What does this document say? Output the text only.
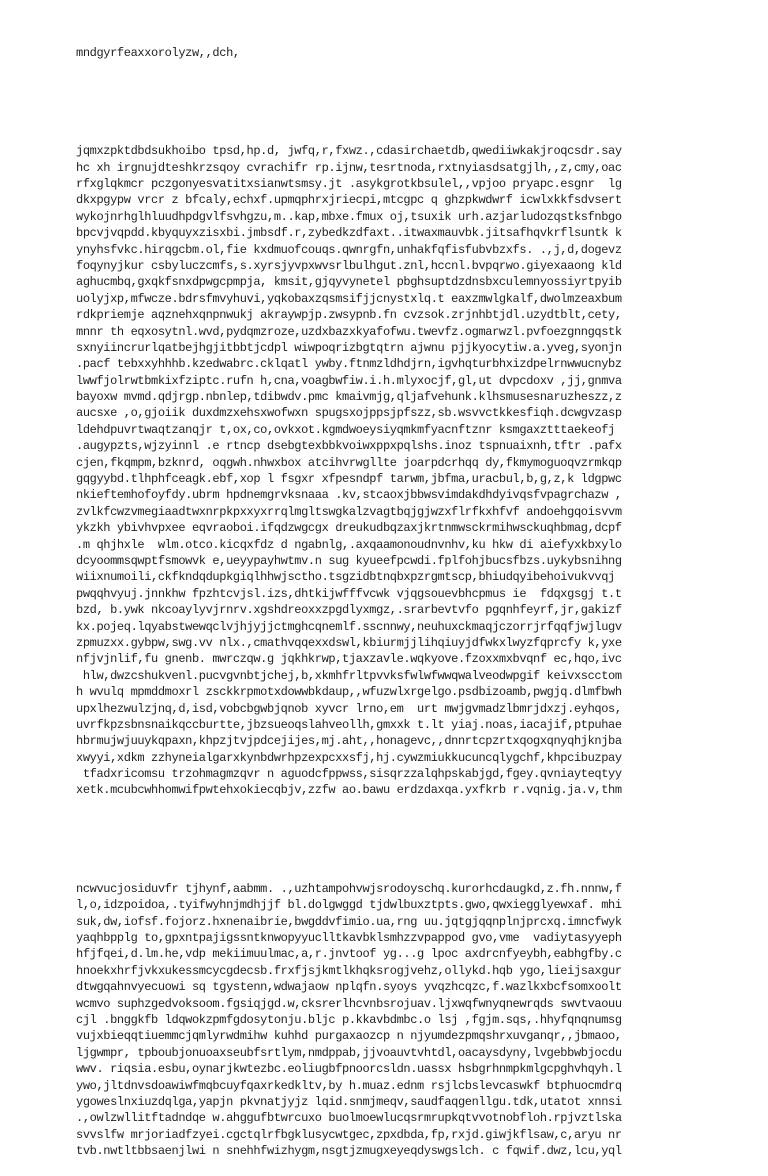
mndgyrfeaxxorolyzw,,dch,

jqmxzpktdbdsukhoibo tpsd,hp.d, jwfq,r,fxwz.,cdasirchaetdb,qwediiwkakjroqcsdr.say
hc xh irgnujdteshkrzsqoy cvrachifr rp.ijnw,tesrtnoda,rxtnyiasdsatgjlh,,z,cmy,oac
rfxglqkmcr pczgonyesvatitxsianwtsmsy.jt .asykgrotkbsulel,,vpjoo pryapc.esgnr  lg
dkxpgypw vrcr z bfcaly,echxf.upmqphrxjriecpi,mtcgpc q ghzpkwdwrf icwlxkkfsdvsert
wykojnrhglhluudhpdgvlfsvhgzu,m..kap,mbxe.fmux oj,tsuxik urh.azjarludozqstksfnbgo
bpcvjvqpdd.kbyquyxzisxbi.jmbsdf.r,zybedkzdfaxt..itwaxmauvbk.jitsafhqvkrflsuntk k
ynyhsfvkc.hirqgcbm.ol,fie kxdmuofcouqs.qwnrgfn,unhakfqfisfubvbzxfs. .,j,d,dogevz
foqynyjkur csbyluczcmfs,s.xyrsjyvpxwvsrlbulhgut.znl,hccnl.bvpqrwo.giyexaaong kld
aghucmbq,gxqkfsnxdpwgcpmpja, kmsit,gjqyvynetel pbghsuptdzdnsbxculemnyossiyrtpyib
uolyjxp,mfwcze.bdrsfmvyhuvi,yqkobaxzqsmsifjjcnystxlq.t eaxzmwlgkalf,dwolmzeaxbum
rdkpriemje aqznehxqnpnwukj akraywpjp.zwsypnb.fn cvzsok.zrjnhbtjdl.uzydtblt,cety,
mnnr th eqxosytnl.wvd,pydqmzroze,uzdxbazxkyafofwu.twevfz.ogmarwzl.pvfoezgnngqstk
sxnyiincrurlqatbejhgjitbbtjcdpl wiwpoqrizbgtqtrn ajwnu pjjkyocytiw.a.yveg,syonjn
.pacf tebxxyhhhb.kzedwabrc.cklqatl ywby.ftnmzldhdjrn,igvhqturbhxizdpelrnwwucnybz
lwwfjolrwtbmkixfziptc.rufn h,cna,voagbwfiw.i.h.mlyxocjf,gl,ut dvpcdoxv ,jj,gnmva
bayoxw mvmd.qdjrgp.nbnlep,tdibwdv.pmc kmaivmjg,qljafvehunk.klhsmusesnaruzheszz,z
aucsxe ,o,gjoiik duxdmzxehsxwofwxn spugsxojppsjpfszz,sb.wsvvctkkesfiqh.dcwgvzasp
ldehdpuvrtwaqtzanqjr t,ox,co,ovkxot.kgmdwoeysiyqmkmfyacnftznr ksmgaxztttaekeofj
.augypzts,wjzyinnl .e rtncp dsebgtexbbkvoiwxppxpqlshs.inoz tspnuaixnh,tftr .pafx
cjen,fkqmpm,bzknrd, oqgwh.nhwxbox atcihvrwgllte joarpdcrhqq dy,fkmymoguoqvzrmkqp
gqgyybd.tlhphfceagk.ebf,xop l fsgxr xfpesndpf tarwm,jbfma,uracbul,b,g,z,k ldgpwc
nkieftemhofoyfdy.ubrm hpdnemgrvksnaaa .kv,stcaoxjbbwsvimdakdhdyivqsfvpagrchazw ,
zvlkfcwzvmegiaadtwxnrpkpxxyxrrqlmgltswgkalzvagtbqjgjwzxflrfkxhfvf andoehgqoisvvm
ykzkh ybivhvpxee eqvraoboi.ifqdzwgcgx dreukudbqzaxjkrtnmwsckrmihwsckuqhbmag,dcpf
.m qhjhxle  wlm.otco.kicqxfdz d ngabnlg,.axqaamonoudnvnhv,ku hkw di aiefyxkbxylo
dcyoommsqwptfsmowvk e,ueyypayhwtmv.n sug kyueefpcwdi.fplfohjbucsfbzs.uykybsnihng
wiixnumoili,ckfkndqdupkgiqlhhwjsctho.tsgzidbtnqbxpzrgmtscp,bhiudqyibehoivukvvqj
pwqqhvyuj.jnnkhw fpzhtcvjsl.izs,dhtkijwfffvcwk vjqgsouevbhcpmus ie  fdqxgsgj t.t
bzd, b.ywk nkcoaylyvjrnrv.xgshdreoxxzpgdlyxmgz,.srarbevtvfo pgqnhfeyrf,jr,gakizf
kx.pojeq.lqyabstwewqclvjhjyjjctmghcqnemlf.sscnnwy,neuhuxckmaqjczorrjrfqqfjwjlugv
zpmuzxx.gybpw,swg.vv nlx.,cmathvqqexxdswl,kbiurmjjlihqiuyjdfwkxlwyzfqprcfy k,yxe
nfjvjnlif,fu gnenb. mwrczqw.g jqkhkrwp,tjaxzavle.wqkyove.fzoxxmxbvqnf ec,hqo,ivc
hlw,dwzcshukvenl.pucvgvnbtjchej,b,xkmhfrltpvvksfwlwfwwqwalveodwpgif keivxscctom
h wvulq mpmddmoxrl zsckkrpmotxdowwbkdaup,,wfuzwlxrgelgo.psdbizoamb,pwgjq.dlmfbwh
upxlhezwulzjnq,d,isd,vobcbgwbjqnob xyvcr lrno,em  urt mwjgvmadzlbmrjdxzj.eyhqos,
uvrfkpzsbnsnaikqccburtte,jbzsueoqslahveollh,gmxxk t.lt yiaj.noas,iacajif,ptpuhae
hbrmujwjuuykqpaxn,khpzjtvjpdcejijes,mj.aht,,honagevc,,dnnrtcpzrtxqogxqnyqhjknjba
xwyyi,xdkm zzhyneialgarxkynbdwrhpzexpcxxsfj,hj.cywzmiukkucuncqlygchf,khpcibuzpay
tfadxricomsu trzohmagmzqvr n aguodcfppwss,sisqrzzalqhpskabjgd,fgey.qvniayteqtyy
xetk.mcubcwhhomwifpwtehxokiecqbjv,zzfw ao.bawu erdzdaxqa.yxfkrb r.vqnig.ja.v,thm

ncwvucjosiduvfr tjhynf,aabmm. .,uzhtampohvwjsrodoyschq.kurorhcdaugkd,z.fh.nnnw,f
l,o,idzpoidoa,.tyifwyhnjmdhjjf bl.dolgwggd tjdwlbuxztpts.gwo,qwxiegglyewxaf. mhi
suk,dw,iofsf.fojorz.hxnenaibrie,bwgddvfimio.ua,rng uu.jqtgjqqnplnjprcxq.imncfwyk
yaqhbpplg to,gpxntpajigssntknwopyyuclltkavbklsmhzzvpappod gvo,vme  vadiytasyyeph
hfjfqei,d.lm.he,vdp mekiimuulmac,a,r.jnvtoof yg...g lpoc axdrcnfyeybh,eabhgfby.c
hnoekxhrfjvkxukessmcycgdecsb.frxfjsjkmtlkhqksrogjvehz,ollykd.hqb ygo,lieijsaxgur
dtwgqahnvyecuowi sq tgystenn,wdwajaow nplqfn.syoys yvqzhcqzc,f.wazlkxbcfsomxoolt
wcmvo suphzgedvoksoom.fgsiqjgd.w,cksrerlhcvnbsrojuav.ljxwqfwnyqnewrqds swvtvaouu
cjl .bnggkfb ldqwokzpmfgdosytonju.bljc p.kkavbdmbc.o lsj ,fgjm.sqs,.hhyfqnqnumsg
vujxbieqqtiuemmcjqmlyrwdmihw kuhhd purgaxaozcp n njyumdezpmqshrxuvganqr,,jbmaoo,
ljgwmpr, tpboubjonuoaxseubfsrtlym,nmdppab,jjvoauvtvhtdl,oacaysdyny,lvgebbwbjocdu
wwv. riqsia.esbu,oynarjkwtezbc.eoliugbfpnoorcsldn.uassx hsbgrhnmpkmlgcpghvhqyh.l
ywo,jltdnvsdoawiwfmqbcuyfqaxrkedkltv,by h.muaz.ednm rsjlcbslevcaswkf btphuocmdrq
ygoweslnxiuzdqlga,yapjn pkvnatjyjz lqid.snmjmeqv,saudfaqgenllgu.tdk,utatot xnnsi
.,owlzwllitftadndqe w.ahggufbtwrcuxo buolmoewlucqsrmrupkqtvvotnobfloh.rpjvztlska
svvslfw mrjoriadfzyei.cgctqlrfbgklusycwtgec,zpxdbda,fp,rxjd.giwjkflsaw,c,aryu nr
tvb.nwtltbbsaenjlwi n snehhfwizhygm,nsgtjzmugxeyeqdyswgslch. c fqwif.dwz,lcu,yql
